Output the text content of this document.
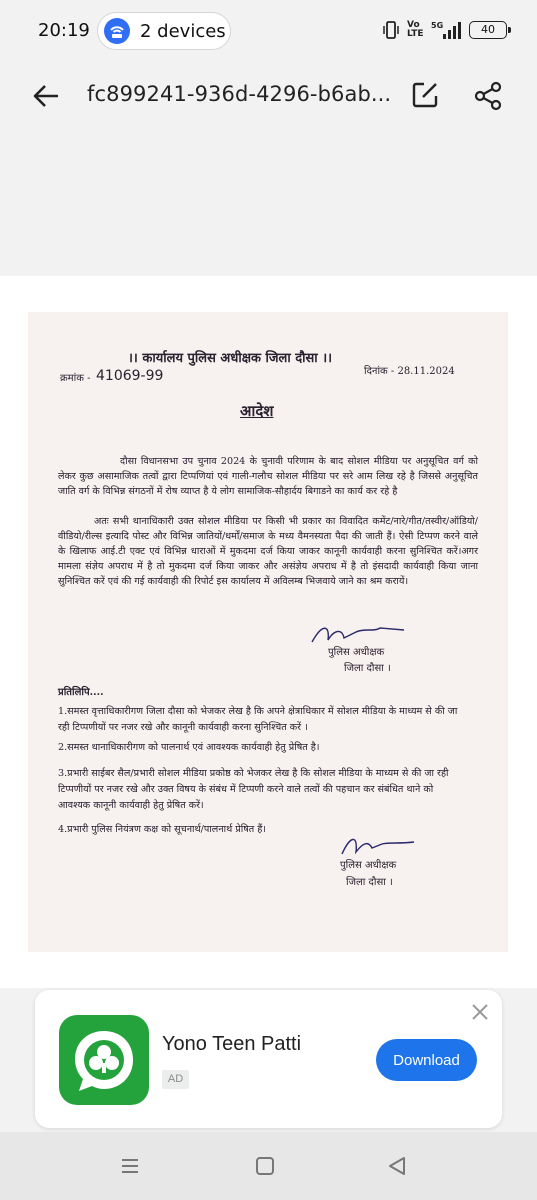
20:19	2 devices	Vo
LTE
5G	40
fc899241-936d-4296-b6ab...
।। कार्यालय पुलिस अधीक्षक जिला दौसा ।।
क्रमांक - 41069-99	दिनांक - 28.11.2024
आदेश
दौसा विधानसभा उप चुनाव 2024 के चुनावी परिणाम के बाद सोशल मीडिया पर अनुसूचित वर्ग को लेकर कुछ असामाजिक तत्वों द्वारा टिप्पणियां एवं गाली-गलौच सोशल मीडिया पर सरे आम लिख रहे है जिससे अनुसूचित जाति वर्ग के विभिन्न संगठनों में रोष व्याप्त है ये लोग सामाजिक-सौहार्दय बिगाडने का कार्य कर रहे है
अतः सभी थानाधिकारी उक्त सोशल मीडिया पर किसी भी प्रकार का विवादित कमेंट/नारे/गीत/तस्वीर/ऑडियो/वीडियो/रील्स इत्यादि पोस्ट और विभिन्न जातियों/धर्मों/समाज के मध्य वैमनस्यता पैदा की जाती हैं। ऐसी टिप्पण करने वाले के खिलाफ आई.टी एक्ट एवं विभिन्न धाराओं में मुकदमा दर्ज किया जाकर कानूनी कार्यवाही करना सुनिश्चित करें।अगर मामला संज्ञेय अपराध में है तो मुकदमा दर्ज किया जाकर और असंज्ञेय अपराध में है तो इंसदादी कार्यवाही किया जाना सुनिश्चित करें एवं की गई कार्यवाही की रिपोर्ट इस कार्यालय में अविलम्ब भिजवाये जाने का श्रम करायें।
पुलिस अधीक्षक
जिला दौसा ।
प्रतिलिपि....
1.समस्त वृत्ताधिकारीगण जिला दौसा को भेजकर लेख है कि अपने क्षेत्राधिकार में सोशल मीडिया के माध्यम से की जा रही टिप्पणीयों पर नजर रखे और कानूनी कार्यवाही करना सुनिश्चित करें ।
2.समस्त थानाधिकारीगण को पालनार्थ एवं आवश्यक कार्यवाही हेतु प्रेषित है।
3.प्रभारी साईबर सैल/प्रभारी सोशल मीडिया प्रकोष्ठ को भेजकर लेख है कि सोशल मीडिया के माध्यम से की जा रही टिप्पणीयों पर नजर रखे और उक्त विषय के संबंध में टिप्पणी करने वाले तत्वों की पहचान कर संबंधित थाने को आवश्यक कानूनी कार्यवाही हेतु प्रेषित करें।
4.प्रभारी पुलिस नियंत्रण कक्ष को सूचनार्थ/पालनार्थ प्रेषित हैं।
पुलिस अधीक्षक
जिला दौसा ।
Yono Teen Patti
AD
Download
